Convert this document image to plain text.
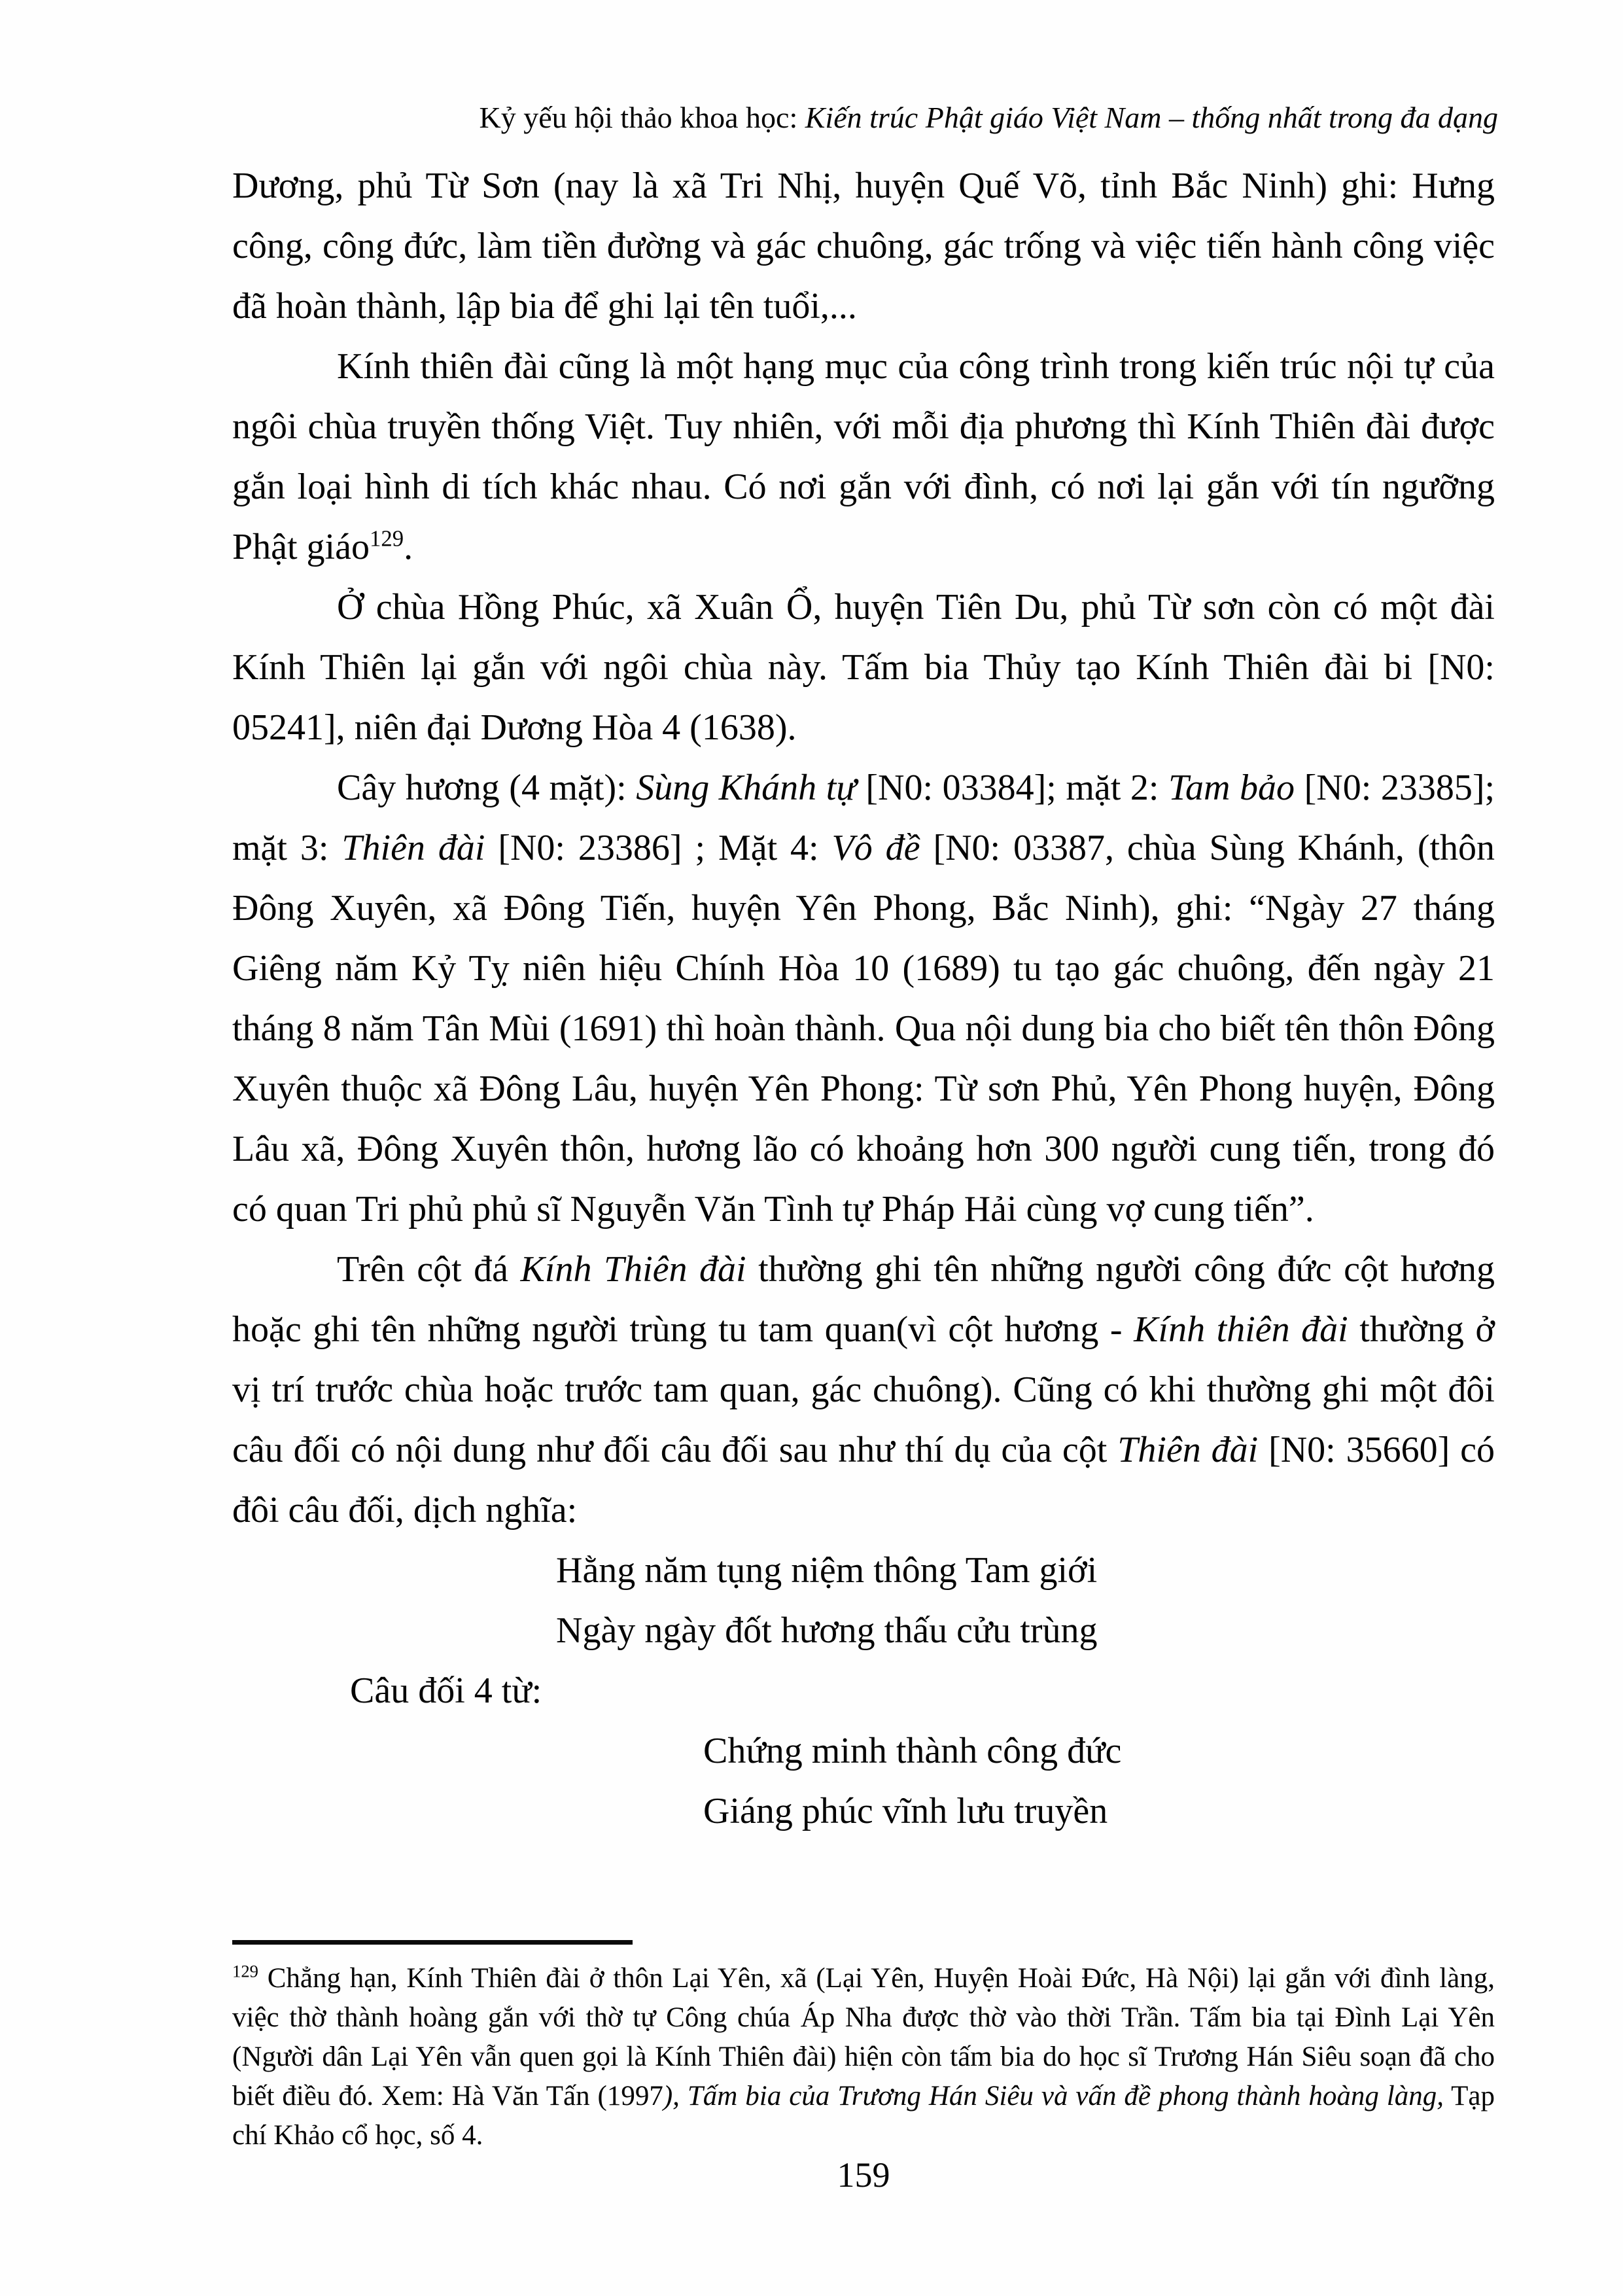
Kỷ yếu hội thảo khoa học: Kiến trúc Phật giáo Việt Nam – thống nhất trong đa dạng

Dương, phủ Từ Sơn (nay là xã Tri Nhị, huyện Quế Võ, tỉnh Bắc Ninh) ghi: Hưng công, công đức, làm tiền đường và gác chuông, gác trống và việc tiến hành công việc đã hoàn thành, lập bia để ghi lại tên tuổi,...

Kính thiên đài cũng là một hạng mục của công trình trong kiến trúc nội tự của ngôi chùa truyền thống Việt. Tuy nhiên, với mỗi địa phương thì Kính Thiên đài được gắn loại hình di tích khác nhau. Có nơi gắn với đình, có nơi lại gắn với tín ngưỡng Phật giáo$^{129}$.

Ở chùa Hồng Phúc, xã Xuân Ổ, huyện Tiên Du, phủ Từ sơn còn có một đài Kính Thiên lại gắn với ngôi chùa này. Tấm bia Thủy tạo Kính Thiên đài bi [N0: 05241], niên đại Dương Hòa 4 (1638).

Cây hương (4 mặt): Sùng Khánh tự [N0: 03384]; mặt 2: Tam bảo [N0: 23385]; mặt 3: Thiên đài [N0: 23386] ; Mặt 4: Vô đề [N0: 03387, chùa Sùng Khánh, (thôn Đông Xuyên, xã Đông Tiến, huyện Yên Phong, Bắc Ninh), ghi: “Ngày 27 tháng Giêng năm Kỷ Tỵ niên hiệu Chính Hòa 10 (1689) tu tạo gác chuông, đến ngày 21 tháng 8 năm Tân Mùi (1691) thì hoàn thành. Qua nội dung bia cho biết tên thôn Đông Xuyên thuộc xã Đông Lâu, huyện Yên Phong: Từ sơn Phủ, Yên Phong huyện, Đông Lâu xã, Đông Xuyên thôn, hương lão có khoảng hơn 300 người cung tiến, trong đó có quan Tri phủ phủ sĩ Nguyễn Văn Tình tự Pháp Hải cùng vợ cung tiến”.

Trên cột đá Kính Thiên đài thường ghi tên những người công đức cột hương hoặc ghi tên những người trùng tu tam quan(vì cột hương - Kính thiên đài thường ở vị trí trước chùa hoặc trước tam quan, gác chuông). Cũng có khi thường ghi một đôi câu đối có nội dung như đối câu đối sau như thí dụ của cột Thiên đài [N0: 35660] có đôi câu đối, dịch nghĩa:

Hằng năm tụng niệm thông Tam giới
Ngày ngày đốt hương thấu cửu trùng
Câu đối 4 từ:
Chứng minh thành công đức
Giáng phúc vĩnh lưu truyền

$^{129}$ Chẳng hạn, Kính Thiên đài ở thôn Lại Yên, xã (Lại Yên, Huyện Hoài Đức, Hà Nội) lại gắn với đình làng, việc thờ thành hoàng gắn với thờ tự Công chúa Áp Nha được thờ vào thời Trần. Tấm bia tại Đình Lại Yên (Người dân Lại Yên vẫn quen gọi là Kính Thiên đài) hiện còn tấm bia do học sĩ Trương Hán Siêu soạn đã cho biết điều đó. Xem: Hà Văn Tấn (1997), Tấm bia của Trương Hán Siêu và vấn đề phong thành hoàng làng, Tạp chí Khảo cổ học, số 4.

159
